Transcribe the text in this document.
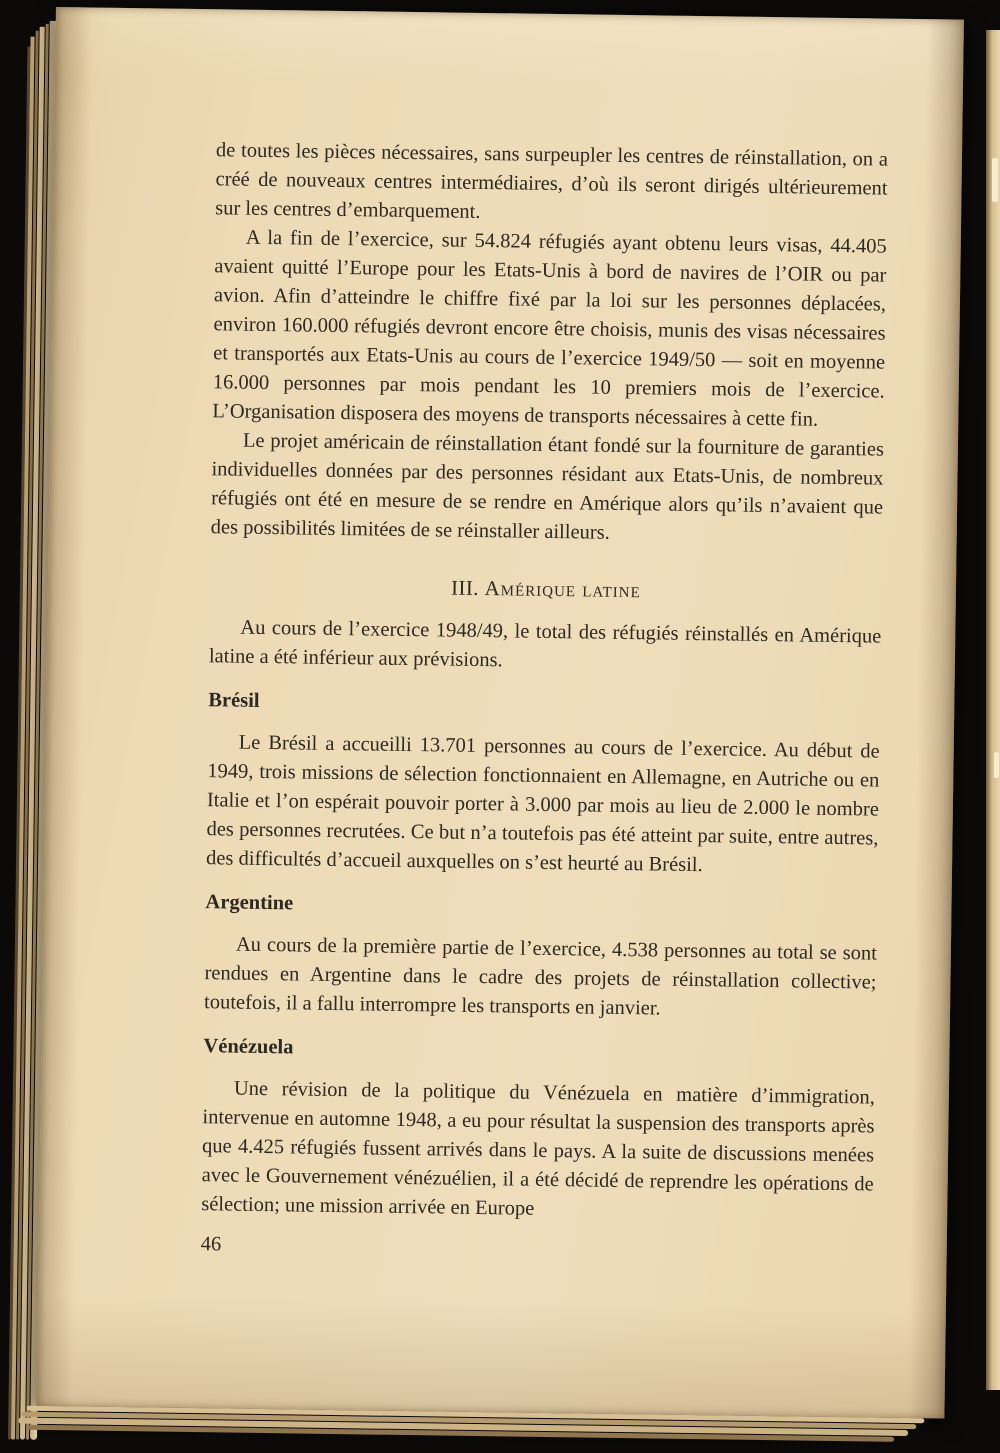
de toutes les pièces nécessaires, sans surpeupler les centres de réinstallation, on a créé de nouveaux centres intermédiaires, d’où ils seront dirigés ultérieurement sur les centres d’embarquement.

A la fin de l’exercice, sur 54.824 réfugiés ayant obtenu leurs visas, 44.405 avaient quitté l’Europe pour les Etats-Unis à bord de navires de l’OIR ou par avion. Afin d’atteindre le chiffre fixé par la loi sur les personnes déplacées, environ 160.000 réfugiés devront encore être choisis, munis des visas nécessaires et transportés aux Etats-Unis au cours de l’exercice 1949/50 — soit en moyenne 16.000 personnes par mois pendant les 10 premiers mois de l’exercice. L’Organisation disposera des moyens de transports nécessaires à cette fin.

Le projet américain de réinstallation étant fondé sur la fourniture de garanties individuelles données par des personnes résidant aux Etats-Unis, de nombreux réfugiés ont été en mesure de se rendre en Amérique alors qu’ils n’avaient que des possibilités limitées de se réinstaller ailleurs.

III. Amérique latine

Au cours de l’exercice 1948/49, le total des réfugiés réinstallés en Amérique latine a été inférieur aux prévisions.

Brésil

Le Brésil a accueilli 13.701 personnes au cours de l’exercice. Au début de 1949, trois missions de sélection fonctionnaient en Allemagne, en Autriche ou en Italie et l’on espérait pouvoir porter à 3.000 par mois au lieu de 2.000 le nombre des personnes recrutées. Ce but n’a toutefois pas été atteint par suite, entre autres, des difficultés d’accueil auxquelles on s’est heurté au Brésil.

Argentine

Au cours de la première partie de l’exercice, 4.538 personnes au total se sont rendues en Argentine dans le cadre des projets de réinstallation collective; toutefois, il a fallu interrompre les transports en janvier.

Vénézuela

Une révision de la politique du Vénézuela en matière d’immigration, intervenue en automne 1948, a eu pour résultat la suspension des transports après que 4.425 réfugiés fussent arrivés dans le pays. A la suite de discussions menées avec le Gouvernement vénézuélien, il a été décidé de reprendre les opérations de sélection; une mission arrivée en Europe

46
